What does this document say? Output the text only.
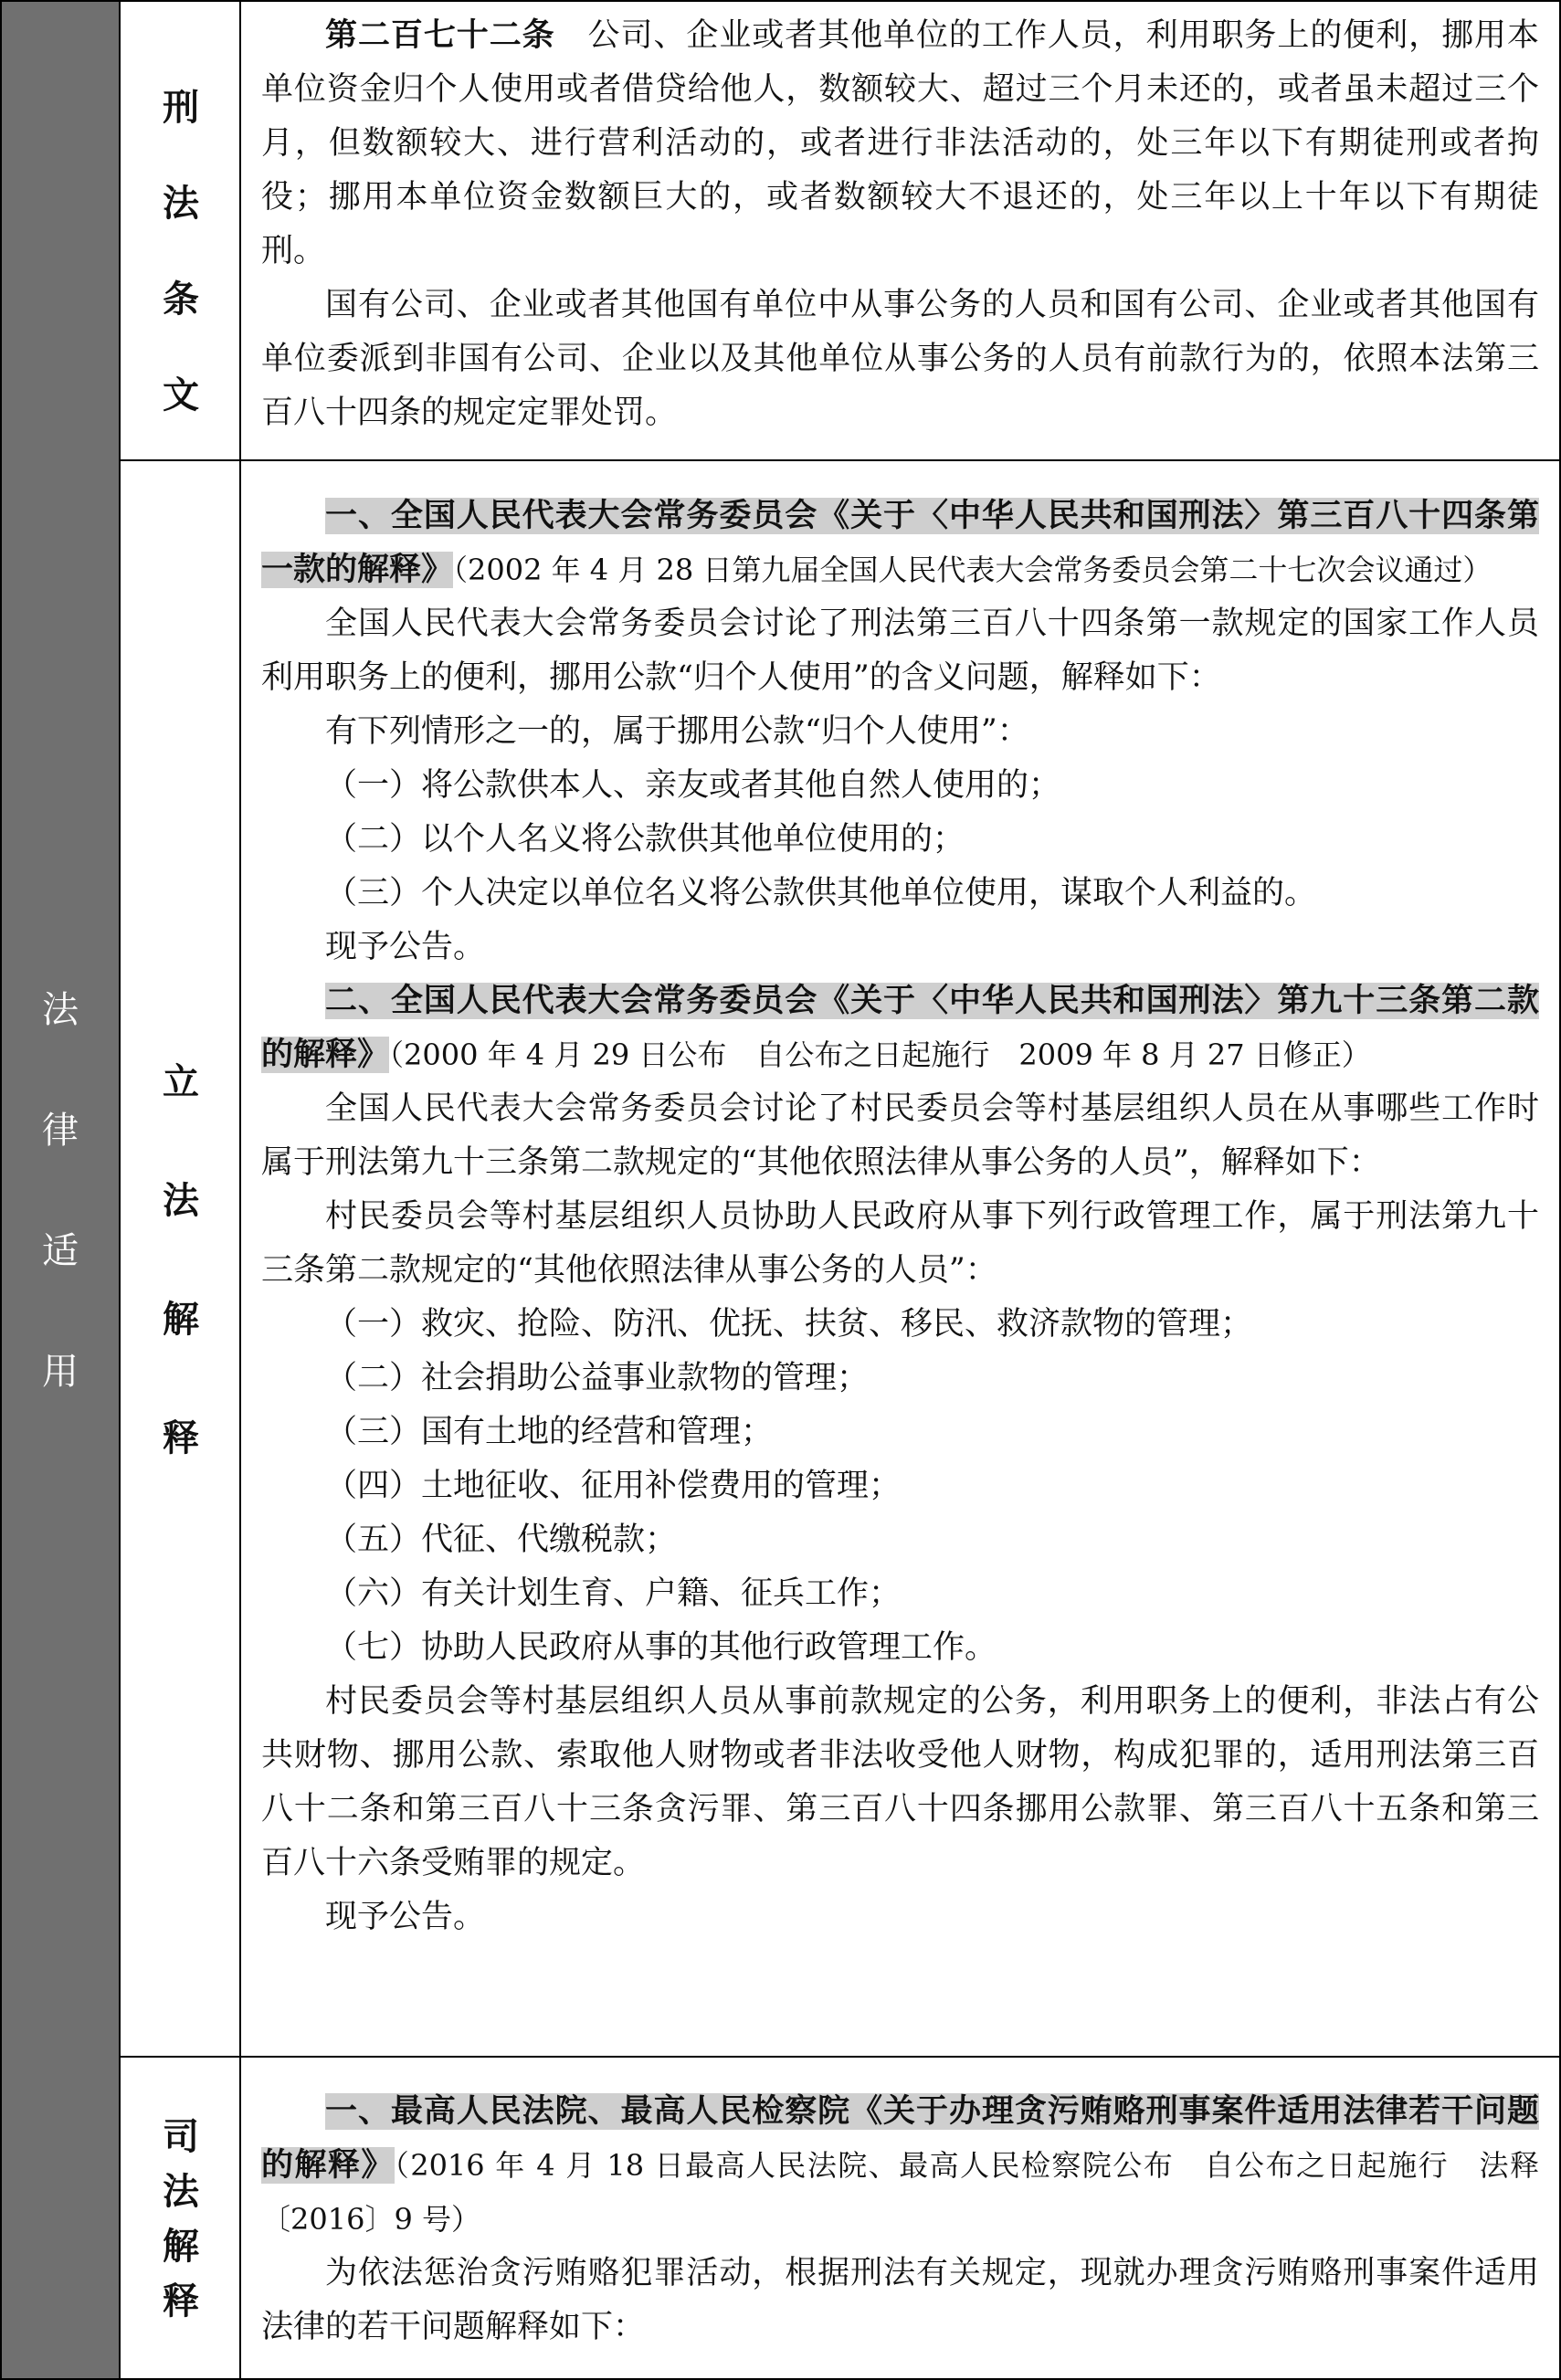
法
律
适
用
刑
法
条
文

第二百七十二条　公司、企业或者其他单位的工作人员，利用职务上的便利，挪用本单位资金归个人使用或者借贷给他人，数额较大、超过三个月未还的，或者虽未超过三个月，但数额较大、进行营利活动的，或者进行非法活动的，处三年以下有期徒刑或者拘役；挪用本单位资金数额巨大的，或者数额较大不退还的，处三年以上十年以下有期徒刑。

国有公司、企业或者其他国有单位中从事公务的人员和国有公司、企业或者其他国有单位委派到非国有公司、企业以及其他单位从事公务的人员有前款行为的，依照本法第三百八十四条的规定定罪处罚。

立
法
解
释

一、全国人民代表大会常务委员会《关于〈中华人民共和国刑法〉第三百八十四条第一款的解释》（2002 年 4 月 28 日第九届全国人民代表大会常务委员会第二十七次会议通过）

全国人民代表大会常务委员会讨论了刑法第三百八十四条第一款规定的国家工作人员利用职务上的便利，挪用公款“归个人使用”的含义问题，解释如下：

有下列情形之一的，属于挪用公款“归个人使用”：

（一）将公款供本人、亲友或者其他自然人使用的；

（二）以个人名义将公款供其他单位使用的；

（三）个人决定以单位名义将公款供其他单位使用，谋取个人利益的。

现予公告。

二、全国人民代表大会常务委员会《关于〈中华人民共和国刑法〉第九十三条第二款的解释》（2000 年 4 月 29 日公布　自公布之日起施行　2009 年 8 月 27 日修正）

全国人民代表大会常务委员会讨论了村民委员会等村基层组织人员在从事哪些工作时属于刑法第九十三条第二款规定的“其他依照法律从事公务的人员”，解释如下：

村民委员会等村基层组织人员协助人民政府从事下列行政管理工作，属于刑法第九十三条第二款规定的“其他依照法律从事公务的人员”：

（一）救灾、抢险、防汛、优抚、扶贫、移民、救济款物的管理；

（二）社会捐助公益事业款物的管理；

（三）国有土地的经营和管理；

（四）土地征收、征用补偿费用的管理；

（五）代征、代缴税款；

（六）有关计划生育、户籍、征兵工作；

（七）协助人民政府从事的其他行政管理工作。

村民委员会等村基层组织人员从事前款规定的公务，利用职务上的便利，非法占有公共财物、挪用公款、索取他人财物或者非法收受他人财物，构成犯罪的，适用刑法第三百八十二条和第三百八十三条贪污罪、第三百八十四条挪用公款罪、第三百八十五条和第三百八十六条受贿罪的规定。

现予公告。

司
法
解
释

一、最高人民法院、最高人民检察院《关于办理贪污贿赂刑事案件适用法律若干问题的解释》（2016 年 4 月 18 日最高人民法院、最高人民检察院公布　自公布之日起施行　法释〔2016〕9 号）

为依法惩治贪污贿赂犯罪活动，根据刑法有关规定，现就办理贪污贿赂刑事案件适用法律的若干问题解释如下：
